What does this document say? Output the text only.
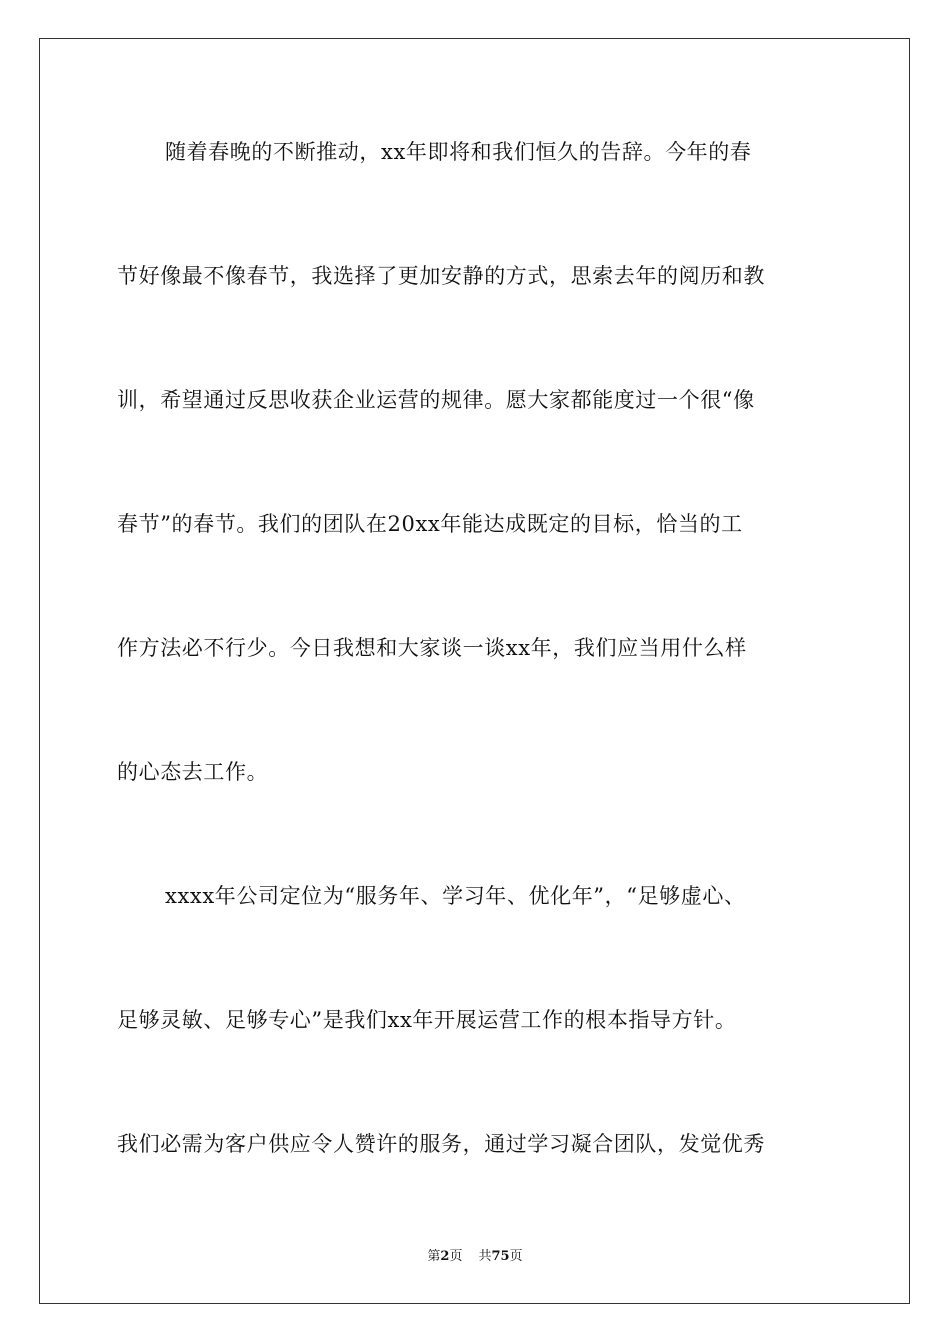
随着春晚的不断推动，xx年即将和我们恒久的告辞。今年的春
节好像最不像春节，我选择了更加安静的方式，思索去年的阅历和教
训，希望通过反思收获企业运营的规律。愿大家都能度过一个很“像
春节”的春节。我们的团队在20xx年能达成既定的目标，恰当的工
作方法必不行少。今日我想和大家谈一谈xx年，我们应当用什么样
的心态去工作。
xxxx年公司定位为“服务年、学习年、优化年”，“足够虚心、
足够灵敏、足够专心”是我们xx年开展运营工作的根本指导方针。
我们必需为客户供应令人赞许的服务，通过学习凝合团队，发觉优秀
第2页 共75页
